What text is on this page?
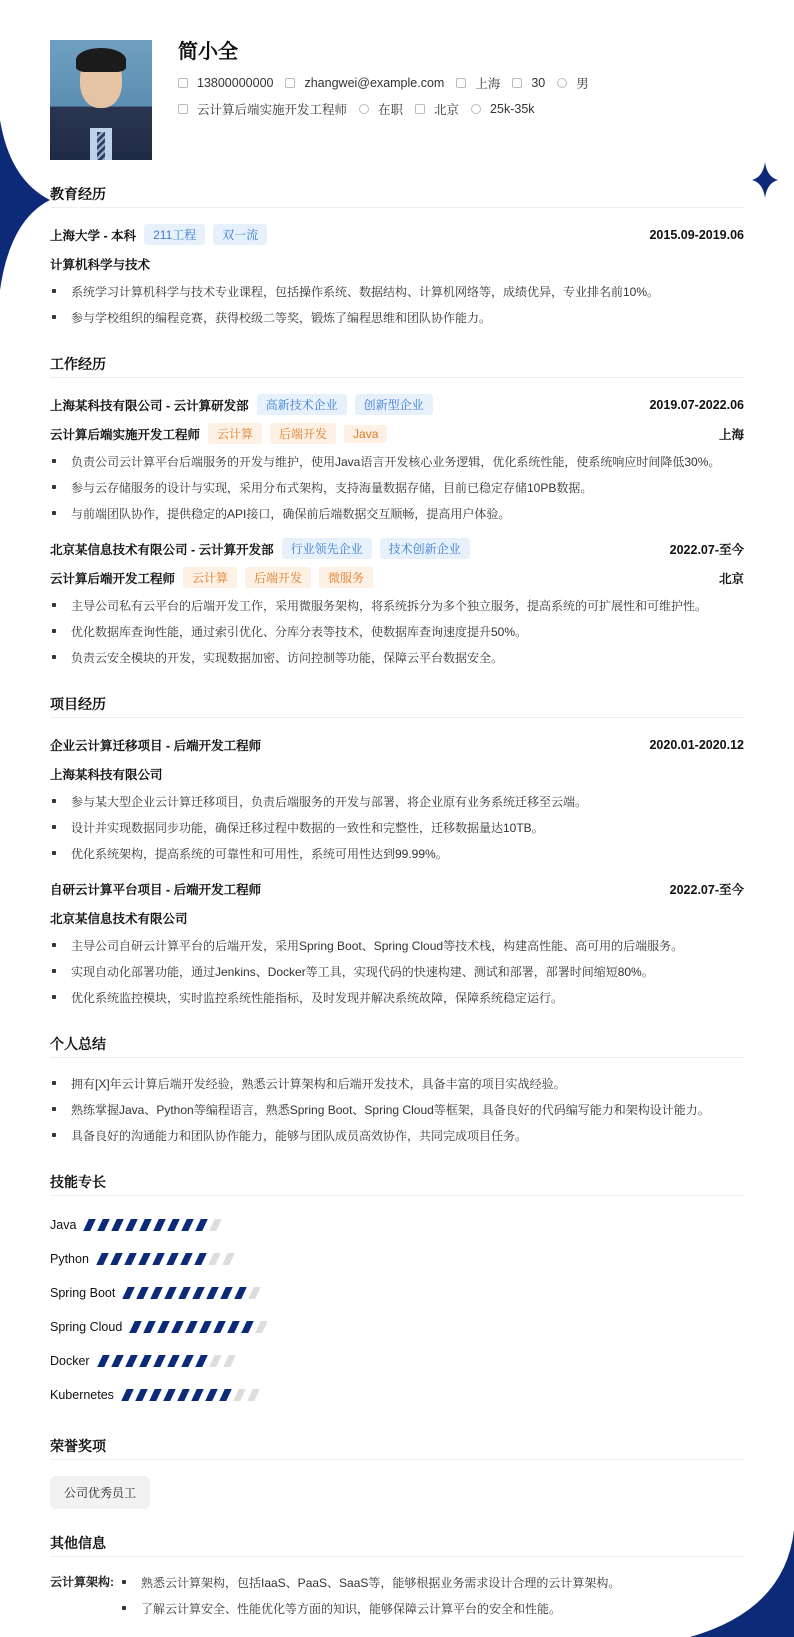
简小全
13800000000 zhangwei@example.com 上海 30 男
云计算后端实施开发工程师 在职 北京 25k-35k
教育经历
上海大学 - 本科	211工程	双一流	2015.09-2019.06
计算机科学与技术
系统学习计算机科学与技术专业课程，包括操作系统、数据结构、计算机网络等，成绩优异，专业排名前10%。
参与学校组织的编程竞赛，获得校级二等奖，锻炼了编程思维和团队协作能力。
工作经历
上海某科技有限公司 - 云计算研发部	高新技术企业	创新型企业	2019.07-2022.06
云计算后端实施开发工程师	云计算	后端开发	Java	上海
负责公司云计算平台后端服务的开发与维护，使用Java语言开发核心业务逻辑，优化系统性能，使系统响应时间降低30%。
参与云存储服务的设计与实现，采用分布式架构，支持海量数据存储，目前已稳定存储10PB数据。
与前端团队协作，提供稳定的API接口，确保前后端数据交互顺畅，提高用户体验。
北京某信息技术有限公司 - 云计算开发部	行业领先企业	技术创新企业	2022.07-至今
云计算后端开发工程师	云计算	后端开发	微服务	北京
主导公司私有云平台的后端开发工作，采用微服务架构，将系统拆分为多个独立服务，提高系统的可扩展性和可维护性。
优化数据库查询性能，通过索引优化、分库分表等技术，使数据库查询速度提升50%。
负责云安全模块的开发，实现数据加密、访问控制等功能，保障云平台数据安全。
项目经历
企业云计算迁移项目 - 后端开发工程师	2020.01-2020.12
上海某科技有限公司
参与某大型企业云计算迁移项目，负责后端服务的开发与部署，将企业原有业务系统迁移至云端。
设计并实现数据同步功能，确保迁移过程中数据的一致性和完整性，迁移数据量达10TB。
优化系统架构，提高系统的可靠性和可用性，系统可用性达到99.99%。
自研云计算平台项目 - 后端开发工程师	2022.07-至今
北京某信息技术有限公司
主导公司自研云计算平台的后端开发，采用Spring Boot、Spring Cloud等技术栈，构建高性能、高可用的后端服务。
实现自动化部署功能，通过Jenkins、Docker等工具，实现代码的快速构建、测试和部署，部署时间缩短80%。
优化系统监控模块，实时监控系统性能指标，及时发现并解决系统故障，保障系统稳定运行。
个人总结
拥有[X]年云计算后端开发经验，熟悉云计算架构和后端开发技术，具备丰富的项目实战经验。
熟练掌握Java、Python等编程语言，熟悉Spring Boot、Spring Cloud等框架，具备良好的代码编写能力和架构设计能力。
具备良好的沟通能力和团队协作能力，能够与团队成员高效协作，共同完成项目任务。
技能专长
Java
Python
Spring Boot
Spring Cloud
Docker
Kubernetes
荣誉奖项
公司优秀员工
其他信息
云计算架构:	熟悉云计算架构，包括IaaS、PaaS、SaaS等，能够根据业务需求设计合理的云计算架构。
了解云计算安全、性能优化等方面的知识，能够保障云计算平台的安全和性能。
